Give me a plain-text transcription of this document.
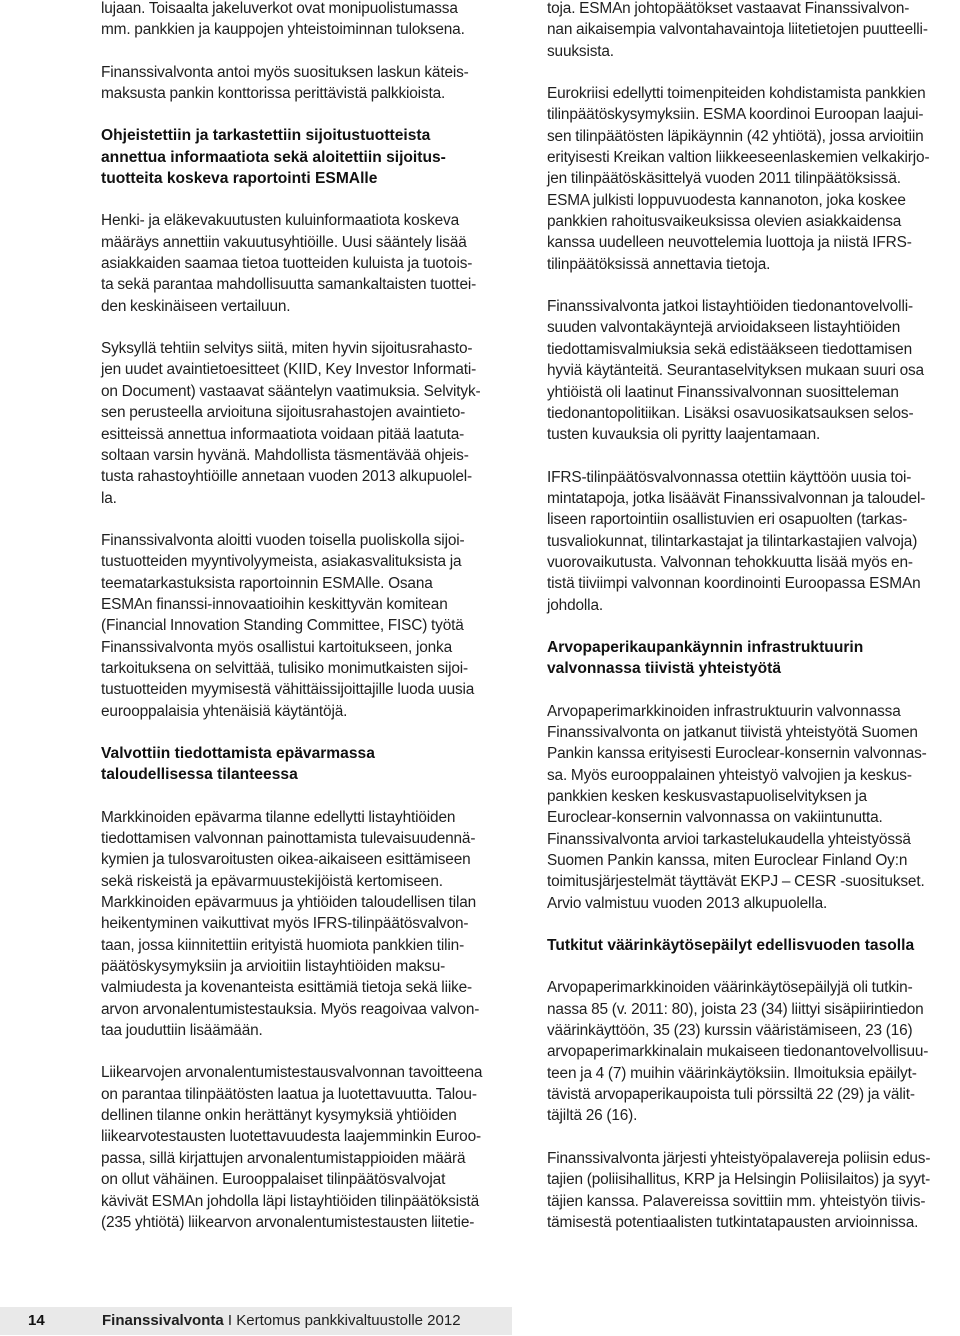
lujaan. Toisaalta jakeluverkot ovat monipuolistumassa
mm. pankkien ja kauppojen yhteistoiminnan tuloksena.

Finanssivalvonta antoi myös suosituksen laskun käteis-
maksusta pankin konttorissa perittävistä palkkioista.

Ohjeistettiin ja tarkastettiin sijoitustuotteista
annettua informaatiota sekä aloitettiin sijoitus-
tuotteita koskeva raportointi ESMAlle

Henki- ja eläkevakuutusten kuluinformaatiota koskeva
määräys annettiin vakuutusyhtiöille. Uusi sääntely lisää
asiakkaiden saamaa tietoa tuotteiden kuluista ja tuotois-
ta sekä parantaa mahdollisuutta samankaltaisten tuottei-
den keskinäiseen vertailuun.

Syksyllä tehtiin selvitys siitä, miten hyvin sijoitusrahasto-
jen uudet avaintietoesitteet (KIID, Key Investor Informati-
on Document) vastaavat sääntelyn vaatimuksia. Selvityk-
sen perusteella arvioituna sijoitusrahastojen avaintieto-
esitteissä annettua informaatiota voidaan pitää laatuta-
soltaan varsin hyvänä. Mahdollista täsmentävää ohjeis-
tusta rahastoyhtiöille annetaan vuoden 2013 alkupuolel-
la.

Finanssivalvonta aloitti vuoden toisella puoliskolla sijoi-
tustuotteiden myyntivolyymeista, asiakasvalituksista ja
teematarkastuksista raportoinnin ESMAlle. Osana
ESMAn finanssi-innovaatioihin keskittyvän komitean
(Financial Innovation Standing Committee, FISC) työtä
Finanssivalvonta myös osallistui kartoitukseen, jonka
tarkoituksena on selvittää, tulisiko monimutkaisten sijoi-
tustuotteiden myymisestä vähittäissijoittajille luoda uusia
eurooppalaisia yhtenäisiä käytäntöjä.

Valvottiin tiedottamista epävarmassa
taloudellisessa tilanteessa

Markkinoiden epävarma tilanne edellytti listayhtiöiden
tiedottamisen valvonnan painottamista tulevaisuudennä-
kymien ja tulosvaroitusten oikea-aikaiseen esittämiseen
sekä riskeistä ja epävarmuustekijöistä kertomiseen.
Markkinoiden epävarmuus ja yhtiöiden taloudellisen tilan
heikentyminen vaikuttivat myös IFRS-tilinpäätösvalvon-
taan, jossa kiinnitettiin erityistä huomiota pankkien tilin-
päätöskysymyksiin ja arvioitiin listayhtiöiden maksu-
valmiudesta ja kovenanteista esittämiä tietoja sekä liike-
arvon arvonalentumistestauksia. Myös reagoivaa valvon-
taa jouduttiin lisäämään.

Liikearvojen arvonalentumistestausvalvonnan tavoitteena
on parantaa tilinpäätösten laatua ja luotettavuutta. Talou-
dellinen tilanne onkin herättänyt kysymyksiä yhtiöiden
liikearvotestausten luotettavuudesta laajemminkin Euroo-
passa, sillä kirjattujen arvonalentumistappioiden määrä
on ollut vähäinen. Eurooppalaiset tilinpäätösvalvojat
kävivät ESMAn johdolla läpi listayhtiöiden tilinpäätöksistä
(235 yhtiötä) liikearvon arvonalentumistestausten liitetie-

toja. ESMAn johtopäätökset vastaavat Finanssivalvon-
nan aikaisempia valvontahavaintoja liitetietojen puutteelli-
suuksista.

Eurokriisi edellytti toimenpiteiden kohdistamista pankkien
tilinpäätöskysymyksiin. ESMA koordinoi Euroopan laajui-
sen tilinpäätösten läpikäynnin (42 yhtiötä), jossa arvioitiin
erityisesti Kreikan valtion liikkeeseenlaskemien velkakirjo-
jen tilinpäätöskäsittelyä vuoden 2011 tilinpäätöksissä.
ESMA julkisti loppuvuodesta kannanoton, joka koskee
pankkien rahoitusvaikeuksissa olevien asiakkaidensa
kanssa uudelleen neuvottelemia luottoja ja niistä IFRS-
tilinpäätöksissä annettavia tietoja.

Finanssivalvonta jatkoi listayhtiöiden tiedonantovelvolli-
suuden valvontakäyntejä arvioidakseen listayhtiöiden
tiedottamisvalmiuksia sekä edistääkseen tiedottamisen
hyviä käytänteitä. Seurantaselvityksen mukaan suuri osa
yhtiöistä oli laatinut Finanssivalvonnan suositteleman
tiedonantopolitiikan. Lisäksi osavuosikatsauksen selos-
tusten kuvauksia oli pyritty laajentamaan.

IFRS-tilinpäätösvalvonnassa otettiin käyttöön uusia toi-
mintatapoja, jotka lisäävät Finanssivalvonnan ja taloudel-
liseen raportointiin osallistuvien eri osapuolten (tarkas-
tusvaliokunnat, tilintarkastajat ja tilintarkastajien valvoja)
vuorovaikutusta. Valvonnan tehokkuutta lisää myös en-
tistä tiiviimpi valvonnan koordinointi Euroopassa ESMAn
johdolla.

Arvopaperikaupankäynnin infrastruktuurin
valvonnassa tiivistä yhteistyötä

Arvopaperimarkkinoiden infrastruktuurin valvonnassa
Finanssivalvonta on jatkanut tiivistä yhteistyötä Suomen
Pankin kanssa erityisesti Euroclear-konsernin valvonnas-
sa. Myös eurooppalainen yhteistyö valvojien ja keskus-
pankkien kesken keskusvastapuoliselvityksen ja
Euroclear-konsernin valvonnassa on vakiintunutta.
Finanssivalvonta arvioi tarkastelukaudella yhteistyössä
Suomen Pankin kanssa, miten Euroclear Finland Oy:n
toimitusjärjestelmät täyttävät EKPJ – CESR -suositukset.
Arvio valmistuu vuoden 2013 alkupuolella.

Tutkitut väärinkäytösepäilyt edellisvuoden tasolla

Arvopaperimarkkinoiden väärinkäytösepäilyjä oli tutkin-
nassa 85 (v. 2011: 80), joista 23 (34) liittyi sisäpiirintiedon
väärinkäyttöön, 35 (23) kurssin vääristämiseen, 23 (16)
arvopaperimarkkinalain mukaiseen tiedonantovelvollisuu-
teen ja 4 (7) muihin väärinkäytöksiin. Ilmoituksia epäilyt-
tävistä arvopaperikaupoista tuli pörssiltä 22 (29) ja välit-
täjiltä 26 (16).

Finanssivalvonta järjesti yhteistyöpalavereja poliisin edus-
tajien (poliisihallitus, KRP ja Helsingin Poliisilaitos) ja syyt-
täjien kanssa. Palavereissa sovittiin mm. yhteistyön tiivis-
tämisestä potentiaalisten tutkintatapausten arvioinnissa.

14	Finanssivalvonta I Kertomus pankkivaltuustolle 2012
